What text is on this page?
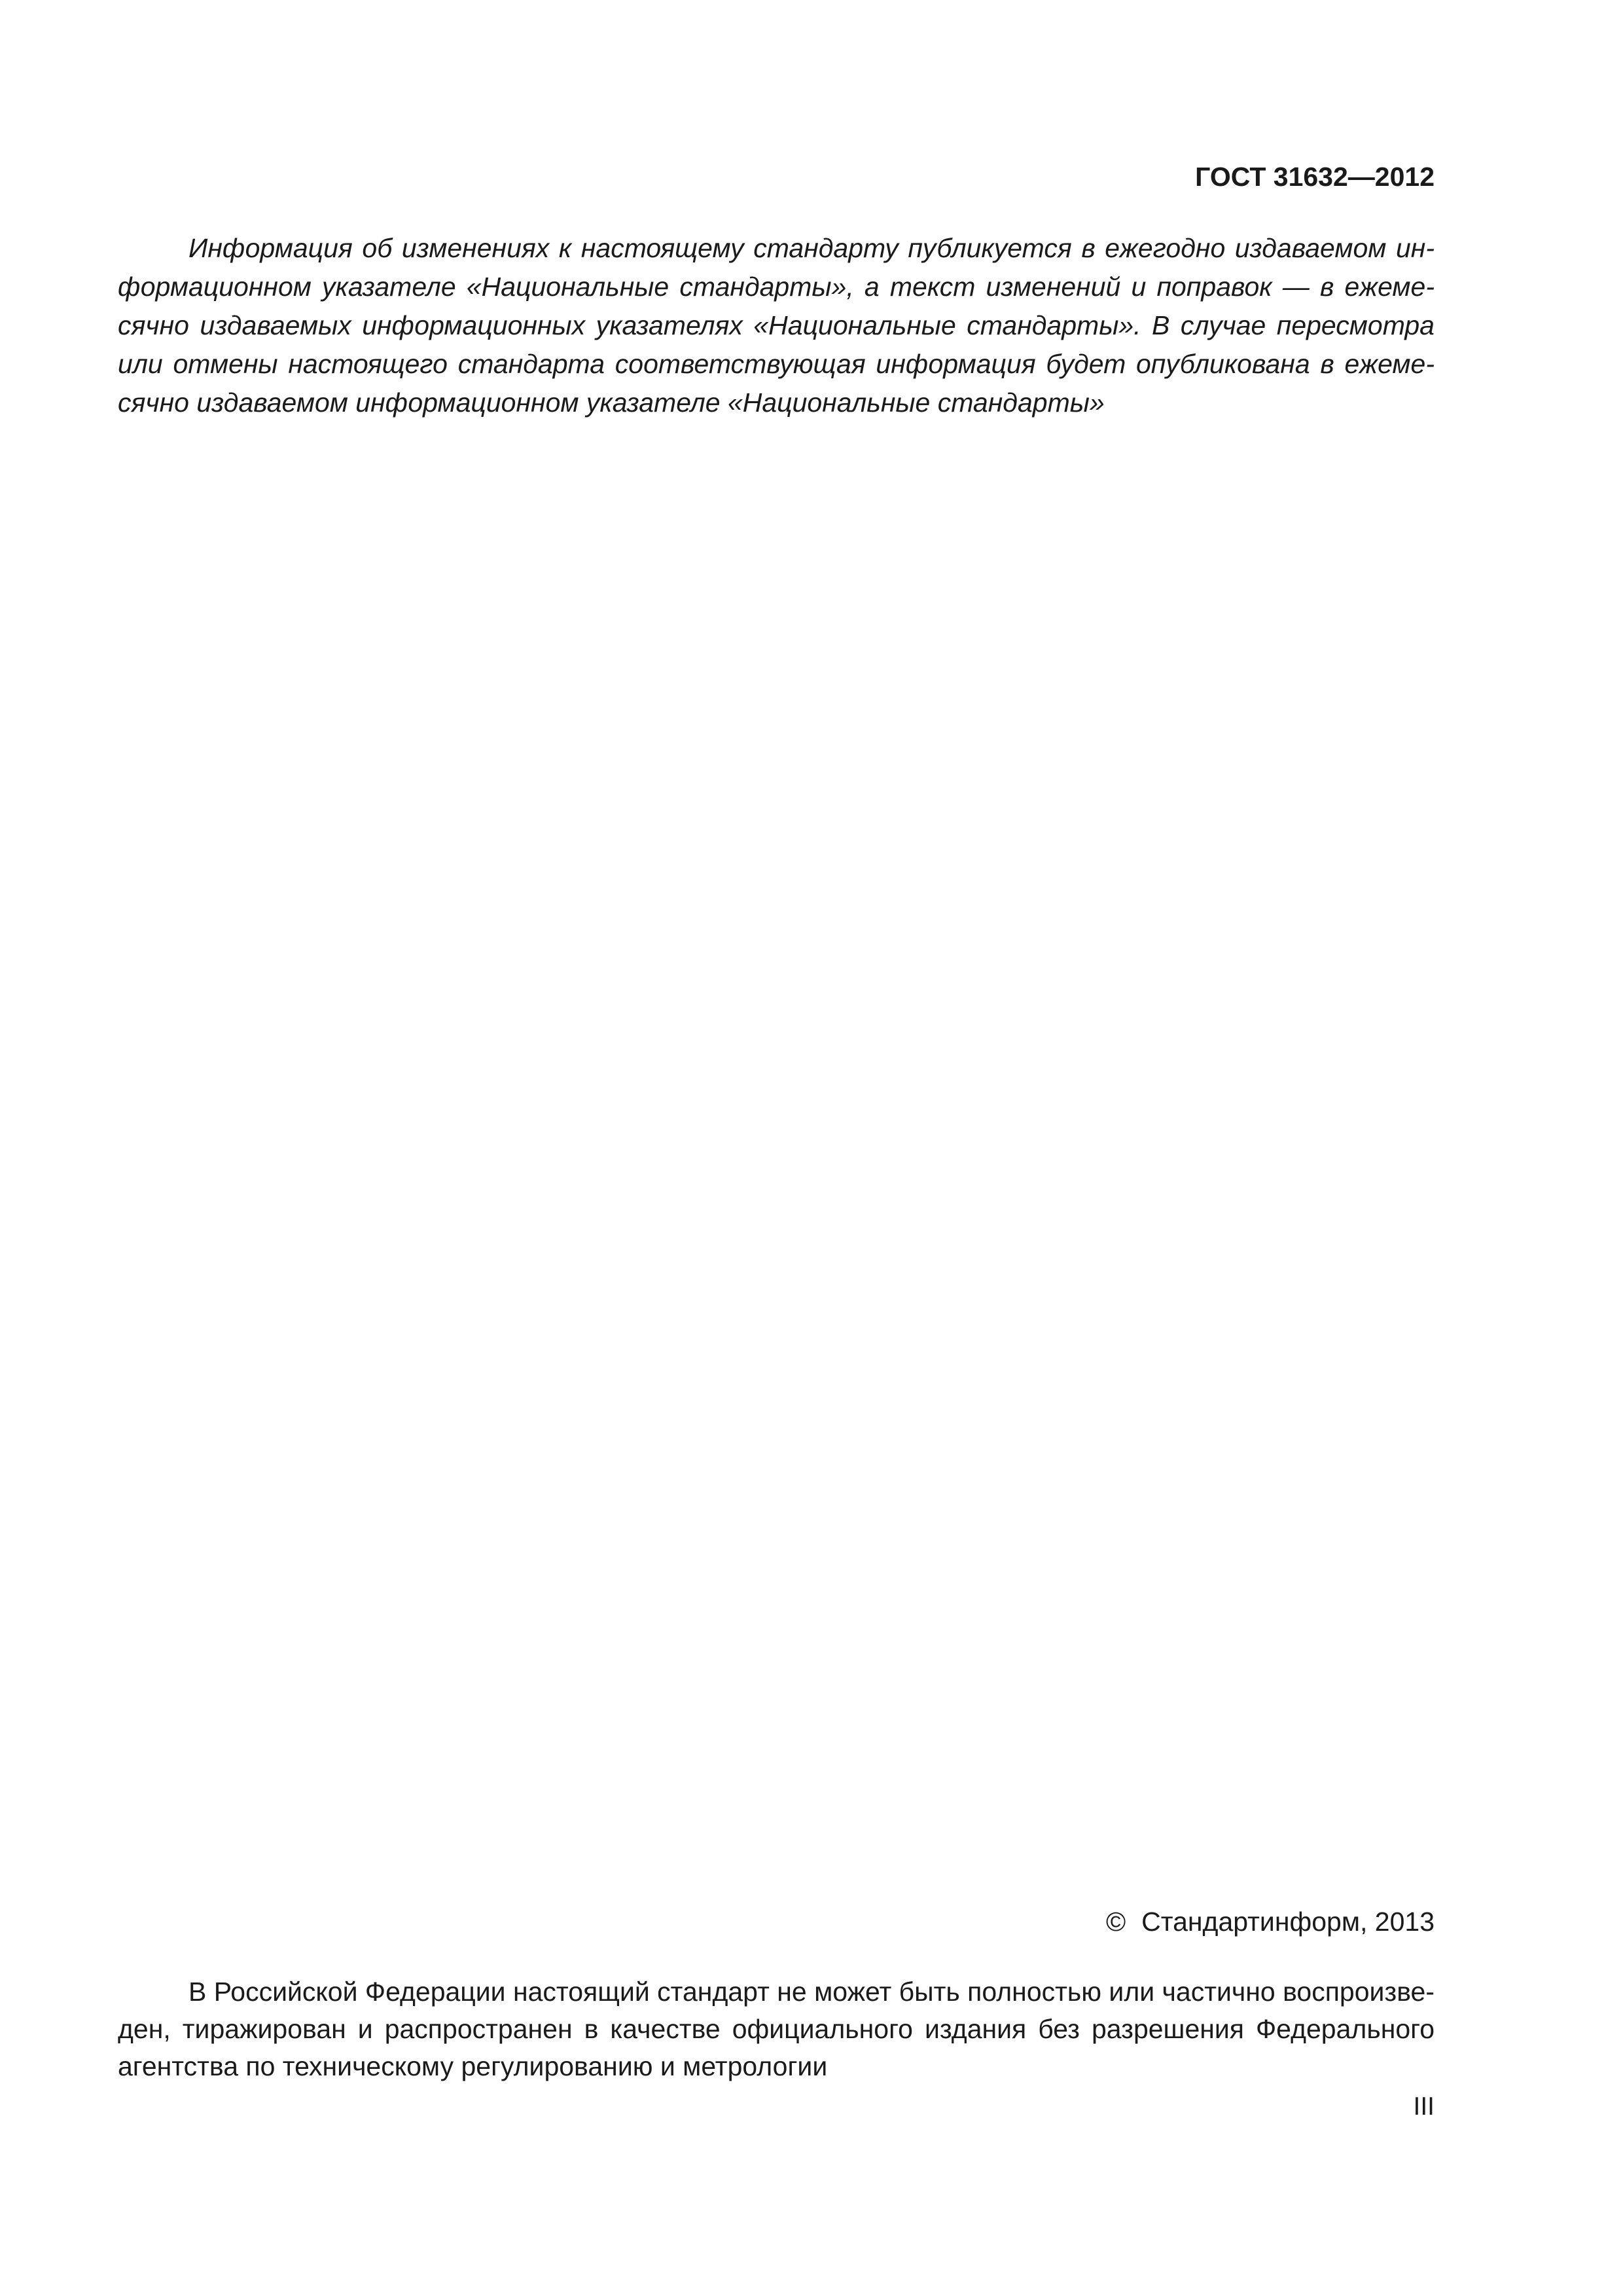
ГОСТ 31632—2012

Информация об изменениях к настоящему стандарту публикуется в ежегодно издаваемом информационном указателе «Национальные стандарты», а текст изменений и поправок — в ежемесячно издаваемых информационных указателях «Национальные стандарты». В случае пересмотра или отмены настоящего стандарта соответствующая информация будет опубликована в ежемесячно издаваемом информационном указателе «Национальные стандарты»

© Стандартинформ, 2013

В Российской Федерации настоящий стандарт не может быть полностью или частично воспроизведен, тиражирован и распространен в качестве официального издания без разрешения Федерального агентства по техническому регулированию и метрологии

III
